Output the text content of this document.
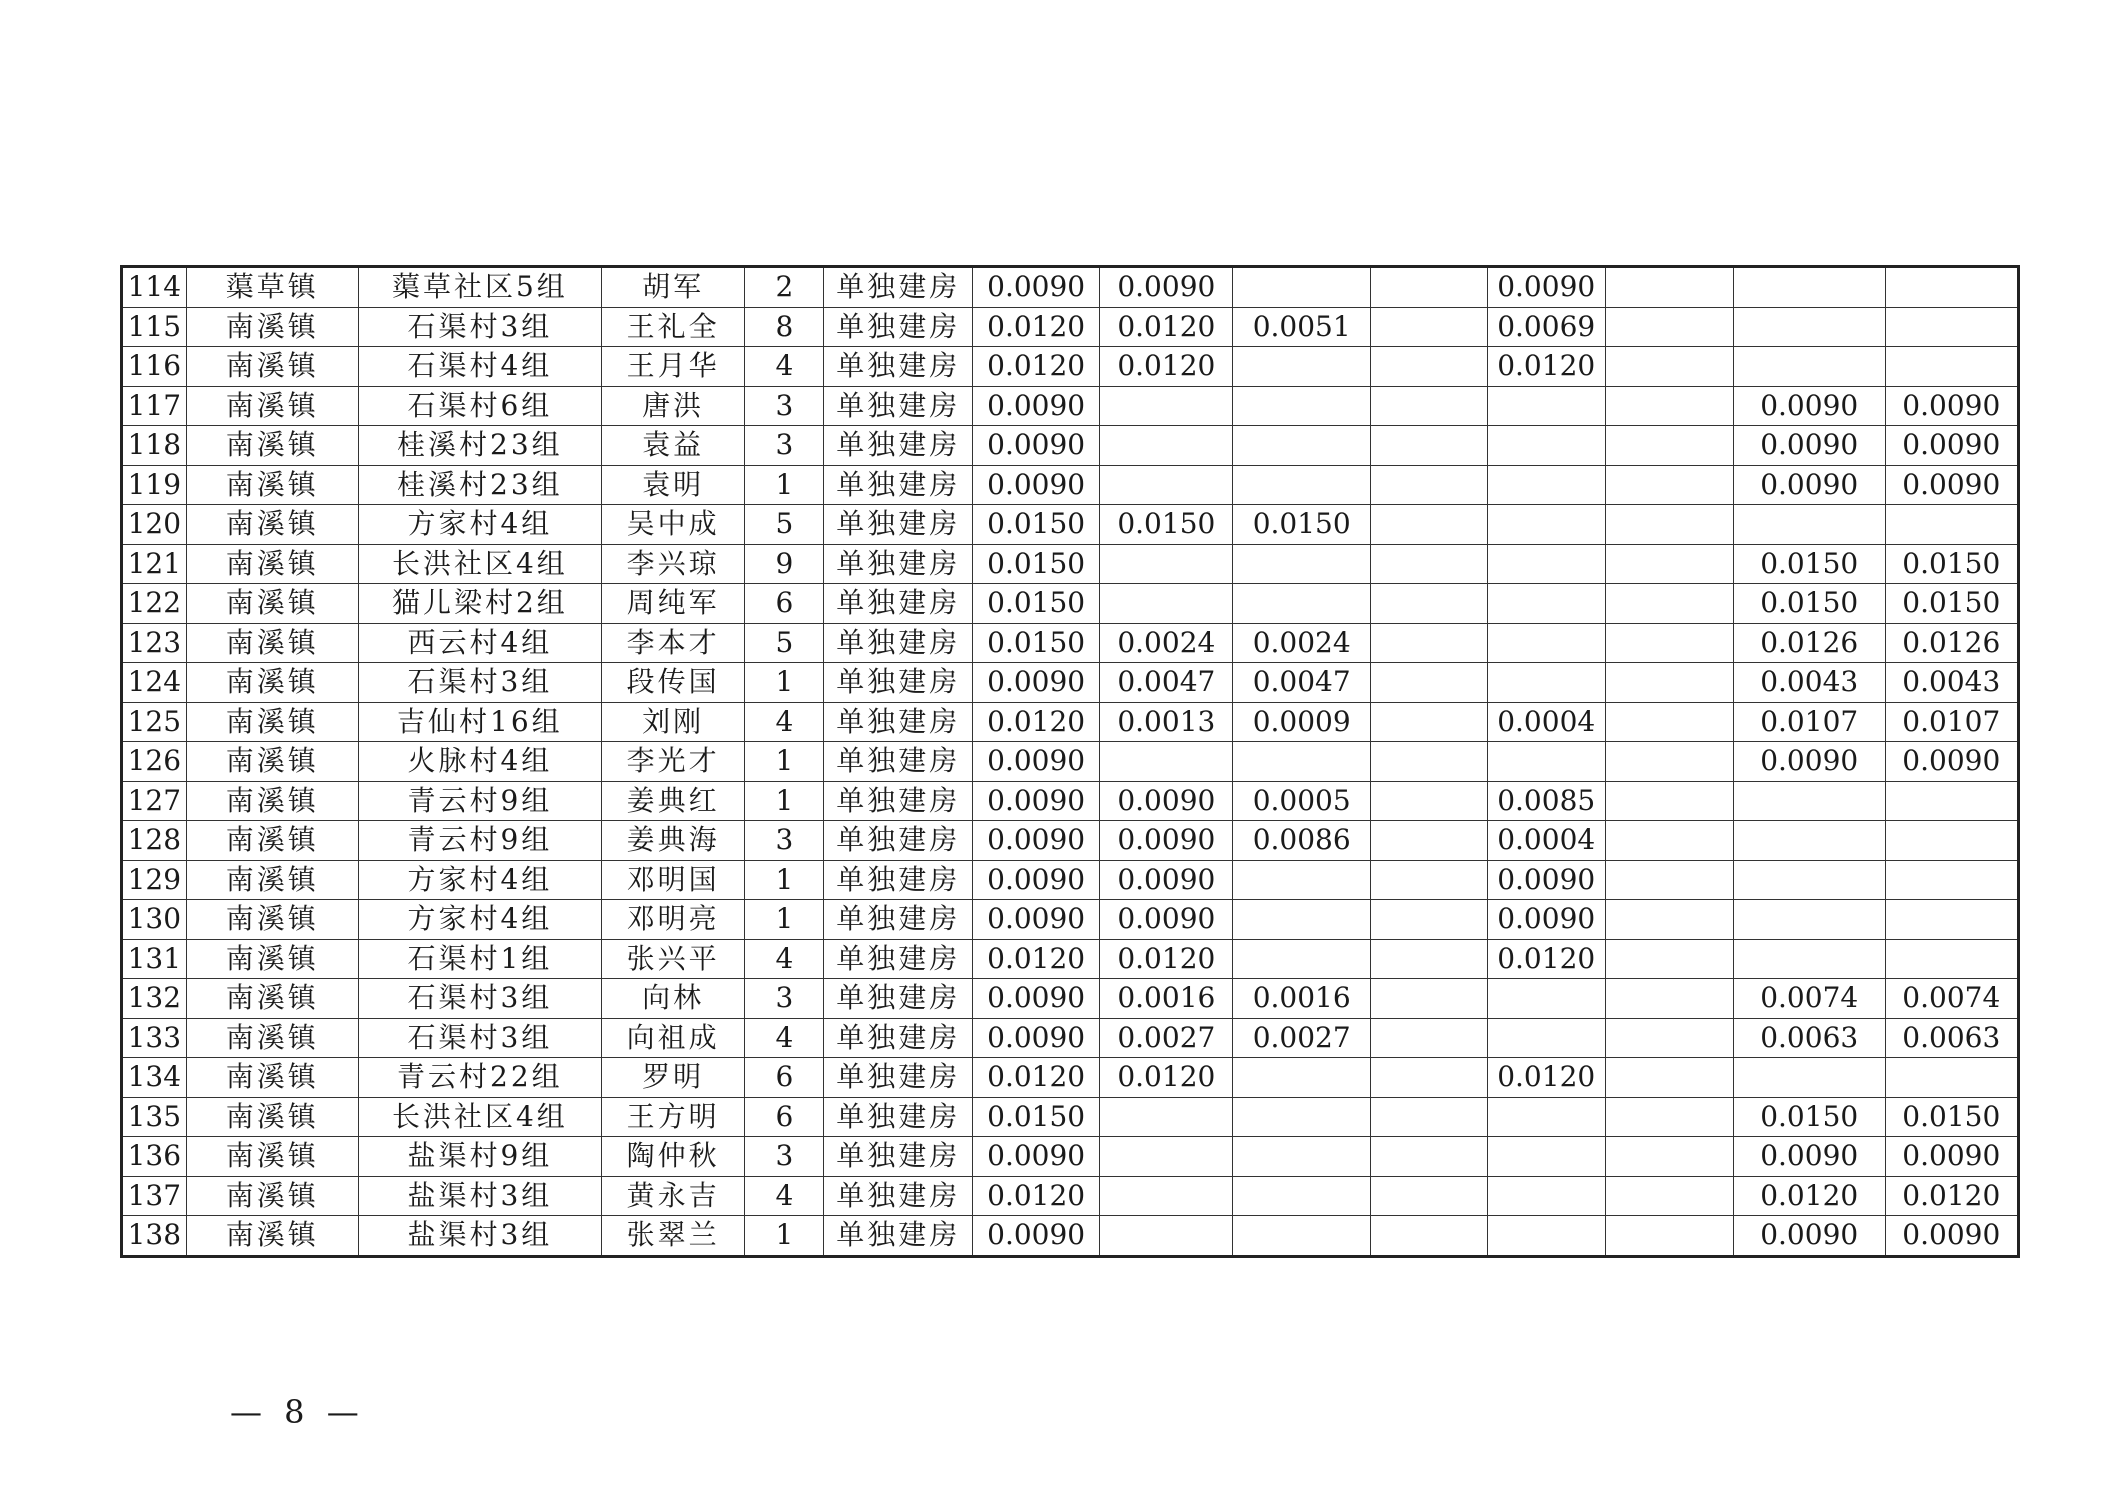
114	蕖草镇	蕖草社区5组	胡军	2	单独建房	0.0090	0.0090			0.0090			
115	南溪镇	石渠村3组	王礼全	8	单独建房	0.0120	0.0120	0.0051		0.0069			
116	南溪镇	石渠村4组	王月华	4	单独建房	0.0120	0.0120			0.0120			
117	南溪镇	石渠村6组	唐洪	3	单独建房	0.0090						0.0090	0.0090
118	南溪镇	桂溪村23组	袁益	3	单独建房	0.0090						0.0090	0.0090
119	南溪镇	桂溪村23组	袁明	1	单独建房	0.0090						0.0090	0.0090
120	南溪镇	方家村4组	吴中成	5	单独建房	0.0150	0.0150	0.0150					
121	南溪镇	长洪社区4组	李兴琼	9	单独建房	0.0150						0.0150	0.0150
122	南溪镇	猫儿梁村2组	周纯军	6	单独建房	0.0150						0.0150	0.0150
123	南溪镇	西云村4组	李本才	5	单独建房	0.0150	0.0024	0.0024				0.0126	0.0126
124	南溪镇	石渠村3组	段传国	1	单独建房	0.0090	0.0047	0.0047				0.0043	0.0043
125	南溪镇	吉仙村16组	刘刚	4	单独建房	0.0120	0.0013	0.0009		0.0004		0.0107	0.0107
126	南溪镇	火脉村4组	李光才	1	单独建房	0.0090						0.0090	0.0090
127	南溪镇	青云村9组	姜典红	1	单独建房	0.0090	0.0090	0.0005		0.0085			
128	南溪镇	青云村9组	姜典海	3	单独建房	0.0090	0.0090	0.0086		0.0004			
129	南溪镇	方家村4组	邓明国	1	单独建房	0.0090	0.0090			0.0090			
130	南溪镇	方家村4组	邓明亮	1	单独建房	0.0090	0.0090			0.0090			
131	南溪镇	石渠村1组	张兴平	4	单独建房	0.0120	0.0120			0.0120			
132	南溪镇	石渠村3组	向林	3	单独建房	0.0090	0.0016	0.0016				0.0074	0.0074
133	南溪镇	石渠村3组	向祖成	4	单独建房	0.0090	0.0027	0.0027				0.0063	0.0063
134	南溪镇	青云村22组	罗明	6	单独建房	0.0120	0.0120			0.0120			
135	南溪镇	长洪社区4组	王方明	6	单独建房	0.0150						0.0150	0.0150
136	南溪镇	盐渠村9组	陶仲秋	3	单独建房	0.0090						0.0090	0.0090
137	南溪镇	盐渠村3组	黄永吉	4	单独建房	0.0120						0.0120	0.0120
138	南溪镇	盐渠村3组	张翠兰	1	单独建房	0.0090						0.0090	0.0090
— 8 —
